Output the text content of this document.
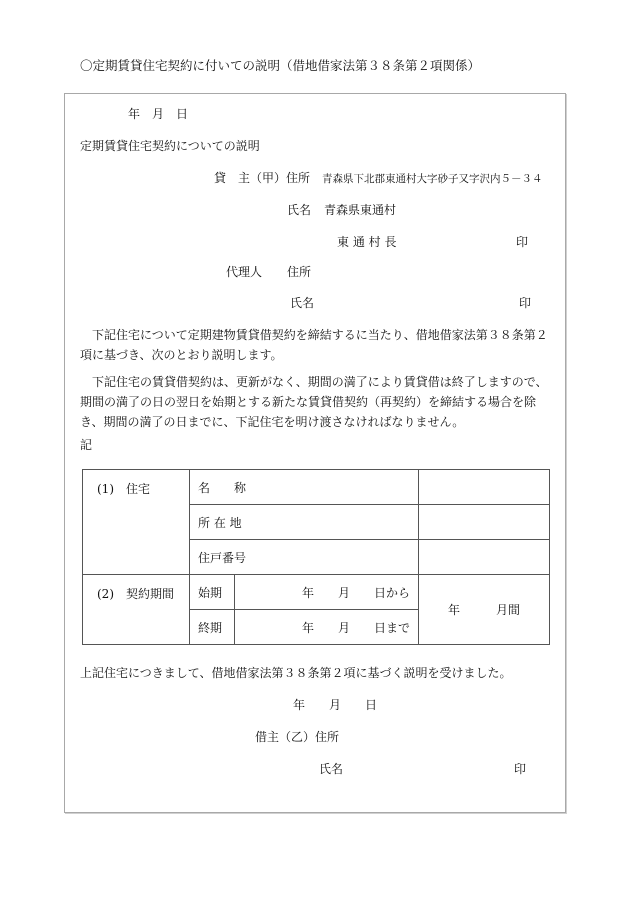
〇定期賃貸住宅契約に付いての説明（借地借家法第３８条第２項関係）
年　月　日
定期賃貸住宅契約についての説明
貸　主（甲）住所 青森県下北郡東通村大字砂子又字沢内５－３４
氏名 青森県東通村
東 通 村 長	印
代理人 住所
氏名	印
　下記住宅について定期建物賃貸借契約を締結するに当たり、借地借家法第３８条第２項に基づき、次のとおり説明します。
　下記住宅の賃貸借契約は、更新がなく、期間の満了により賃貸借は終了しますので、期間の満了の日の翌日を始期とする新たな賃貸借契約（再契約）を締結する場合を除き、期間の満了の日までに、下記住宅を明け渡さなければなりません。
記
(1)　住宅	名　　称		
	所 在 地		
	住戸番号		
(2)　契約期間	始期	年　　月　　日から	年　　　月間
	終期	年　　月　　日まで	
上記住宅につきまして、借地借家法第３８条第２項に基づく説明を受けました。
年　　月　　日
借主（乙）住所
氏名	印
